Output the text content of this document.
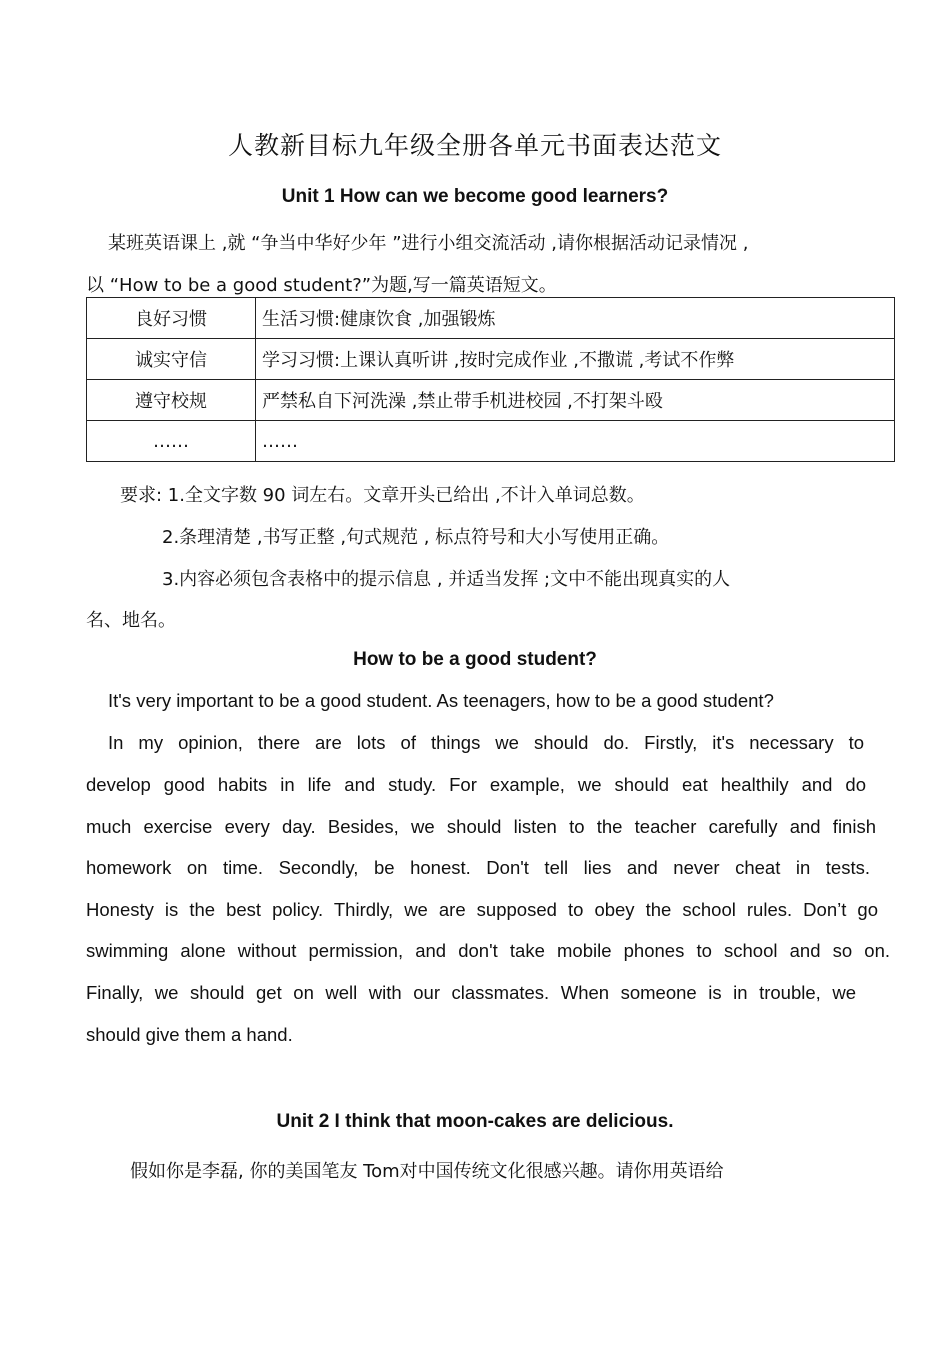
人教新目标九年级全册各单元书面表达范文
Unit 1 How can we become good learners?
某班英语课上 ,就 “争当中华好少年 ”进行小组交流活动 ,请你根据活动记录情况 ,
以 “How to be a good student?”为题,写一篇英语短文。
良好习惯	生活习惯:健康饮食 ,加强锻炼
诚实守信	学习习惯:上课认真听讲 ,按时完成作业 ,不撒谎 ,考试不作弊
遵守校规	严禁私自下河洗澡 ,禁止带手机进校园 ,不打架斗殴
……	……
要求: 1.全文字数 90 词左右。文章开头已给出 ,不计入单词总数。
2.条理清楚 ,书写正整 ,句式规范 , 标点符号和大小写使用正确。
3.内容必须包含表格中的提示信息 , 并适当发挥 ;文中不能出现真实的人
名、地名。
How to be a good student?
It's very important to be a good student. As teenagers, how to be a good student?
In my opinion, there are lots of things we should do. Firstly, it's necessary to
develop good habits in life and study. For example, we should eat healthily and do
much exercise every day. Besides, we should listen to the teacher carefully and finish
homework on time. Secondly, be honest. Don't tell lies and never cheat in tests.
Honesty is the best policy. Thirdly, we are supposed to obey the school rules. Don’t go
swimming alone without permission, and don't take mobile phones to school and so on.
Finally, we should get on well with our classmates. When someone is in trouble, we
should give them a hand.
Unit 2 I think that moon-cakes are delicious.
假如你是李磊, 你的美国笔友 Tom对中国传统文化很感兴趣。请你用英语给
